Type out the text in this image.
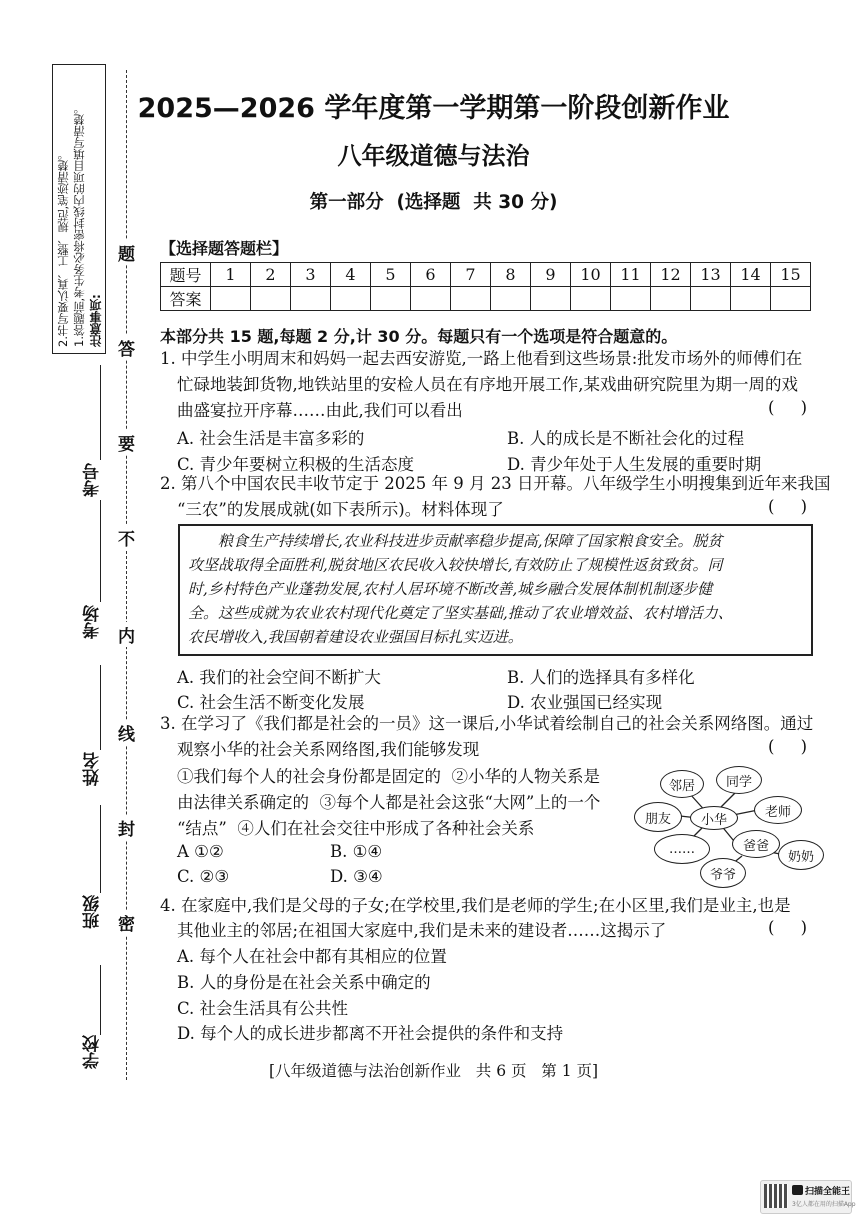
注意事项:
1.答题前,考生务必将密封线内的项目填写清楚。
2.书写要认真、工整、规范,笔迹清楚。	题
答
要
不
内
线
封
密
学校
班级
姓名
考场
考号
2025—2026 学年度第一学期第一阶段创新作业
八年级道德与法治
第一部分  (选择题  共 30 分)
【选择题答题栏】
题号	1	2	3	4	5	6	7	8	9	10	11	12	13	14	15
答案															
本部分共 15 题,每题 2 分,计 30 分。每题只有一个选项是符合题意的。
1. 中学生小明周末和妈妈一起去西安游览,一路上他看到这些场景:批发市场外的师傅们在
忙碌地装卸货物,地铁站里的安检人员在有序地开展工作,某戏曲研究院里为期一周的戏
曲盛宴拉开序幕……由此,我们可以看出	(     )
A. 社会生活是丰富多彩的	B. 人的成长是不断社会化的过程
C. 青少年要树立积极的生活态度	D. 青少年处于人生发展的重要时期
2. 第八个中国农民丰收节定于 2025 年 9 月 23 日开幕。八年级学生小明搜集到近年来我国
“三农”的发展成就(如下表所示)。材料体现了	(     )
粮食生产持续增长,农业科技进步贡献率稳步提高,保障了国家粮食安全。脱贫
攻坚战取得全面胜利,脱贫地区农民收入较快增长,有效防止了规模性返贫致贫。同
时,乡村特色产业蓬勃发展,农村人居环境不断改善,城乡融合发展体制机制逐步健
全。这些成就为农业农村现代化奠定了坚实基础,推动了农业增效益、农村增活力、
农民增收入,我国朝着建设农业强国目标扎实迈进。
A. 我们的社会空间不断扩大	B. 人们的选择具有多样化
C. 社会生活不断变化发展	D. 农业强国已经实现
3. 在学习了《我们都是社会的一员》这一课后,小华试着绘制自己的社会关系网络图。通过
观察小华的社会关系网络图,我们能够发现	(     )
①我们每个人的社会身份都是固定的  ②小华的人物关系是
由法律关系确定的  ③每个人都是社会这张“大网”上的一个
“结点”  ④人们在社会交往中形成了各种社会关系
A ①②	B. ①④
C. ②③	D. ③④
小华
邻居	同学
老师
朋友
爸爸
……
爷爷
奶奶
4. 在家庭中,我们是父母的子女;在学校里,我们是老师的学生;在小区里,我们是业主,也是
其他业主的邻居;在祖国大家庭中,我们是未来的建设者……这揭示了	(     )
A. 每个人在社会中都有其相应的位置
B. 人的身份是在社会关系中确定的
C. 社会生活具有公共性
D. 每个人的成长进步都离不开社会提供的条件和支持
[八年级道德与法治创新作业   共 6 页   第 1 页]
扫描全能王
3亿人都在用的扫描App
